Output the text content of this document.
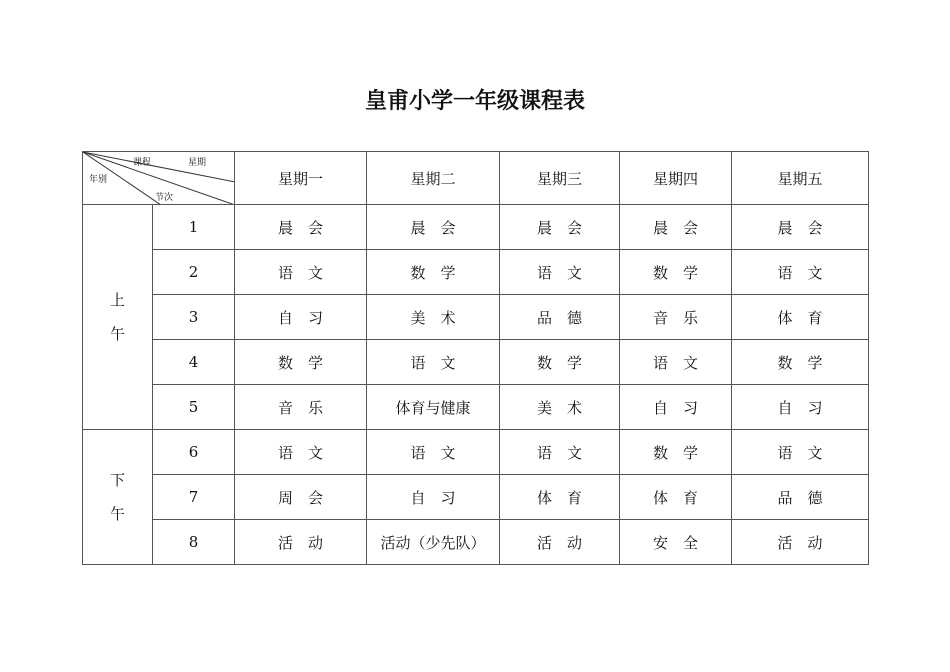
皇甫小学一年级课程表
课程 星期
年别
节次		星期一	星期二	星期三	星期四	星期五

上
午	1	晨　会	晨　会	晨　会	晨　会	晨　会
	2	语　文	数　学	语　文	数　学	语　文
	3	自　习	美　术	品　德	音　乐	体　育
	4	数　学	语　文	数　学	语　文	数　学
	5	音　乐	体育与健康	美　术	自　习	自　习

下
午	6	语　文	语　文	语　文	数　学	语　文
	7	周　会	自　习	体　育	体　育	品　德
	8	活　动	活动（少先队）	活　动	安　全	活　动
